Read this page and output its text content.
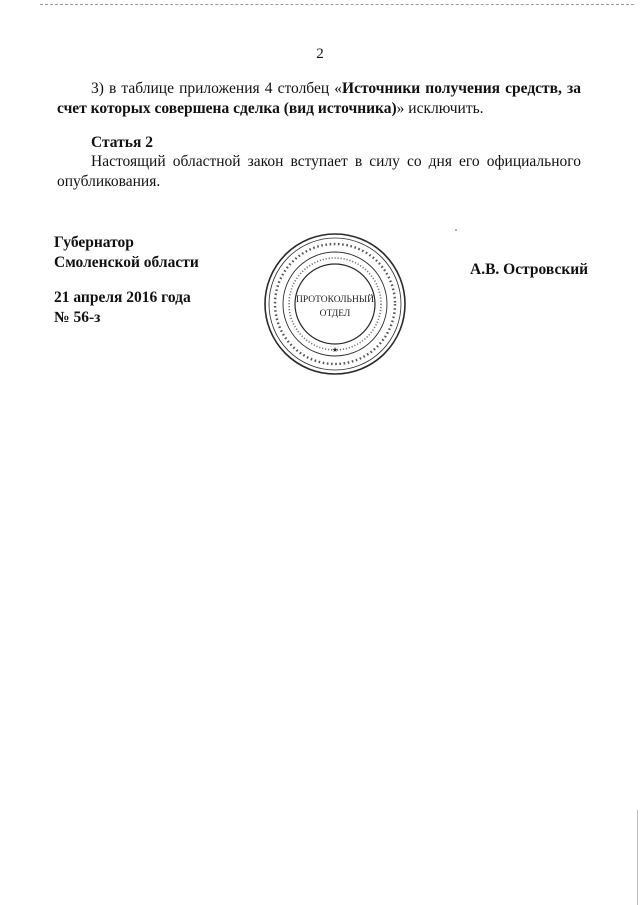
2
3) в таблице приложения 4 столбец «Источники получения средств, за счет которых совершена сделка (вид источника)» исключить.
Статья 2
Настоящий областной закон вступает в силу со дня его официального опубликования.
Губернатор
Смоленской области
21 апреля 2016 года
№ 56-з
А.В. Островский
ПРОТОКОЛЬНЫЙ
ОТДЕЛ
★
